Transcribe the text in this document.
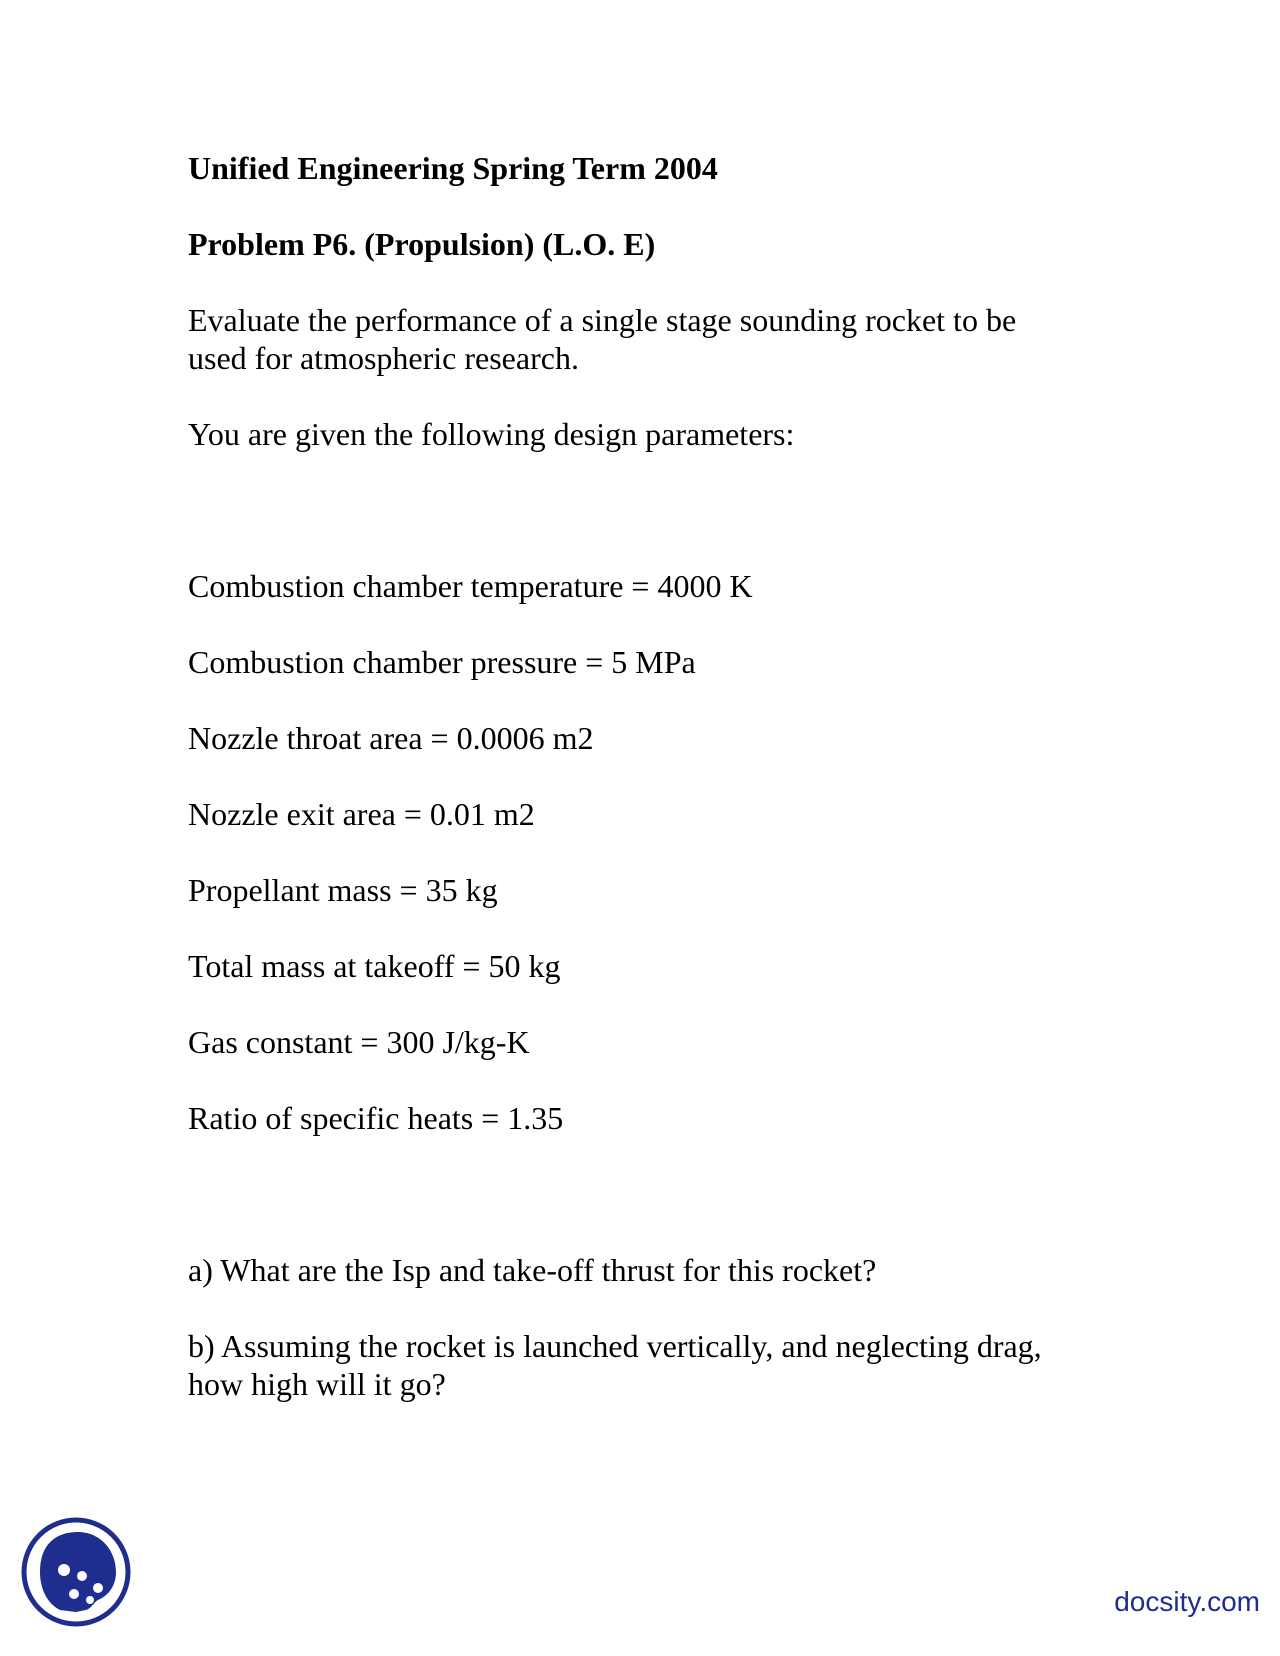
Unified Engineering Spring Term 2004

Problem P6. (Propulsion) (L.O. E)

Evaluate the performance of a single stage sounding rocket to be

used for atmospheric research.

You are given the following design parameters:

Combustion chamber temperature = 4000 K

Combustion chamber pressure = 5 MPa

Nozzle throat area = 0.0006 m2

Nozzle exit area = 0.01 m2

Propellant mass = 35 kg

Total mass at takeoff = 50 kg

Gas constant = 300 J/kg-K

Ratio of specific heats = 1.35

a) What are the Isp and take-off thrust for this rocket?

b) Assuming the rocket is launched vertically, and neglecting drag,

how high will it go?

docsity.com
